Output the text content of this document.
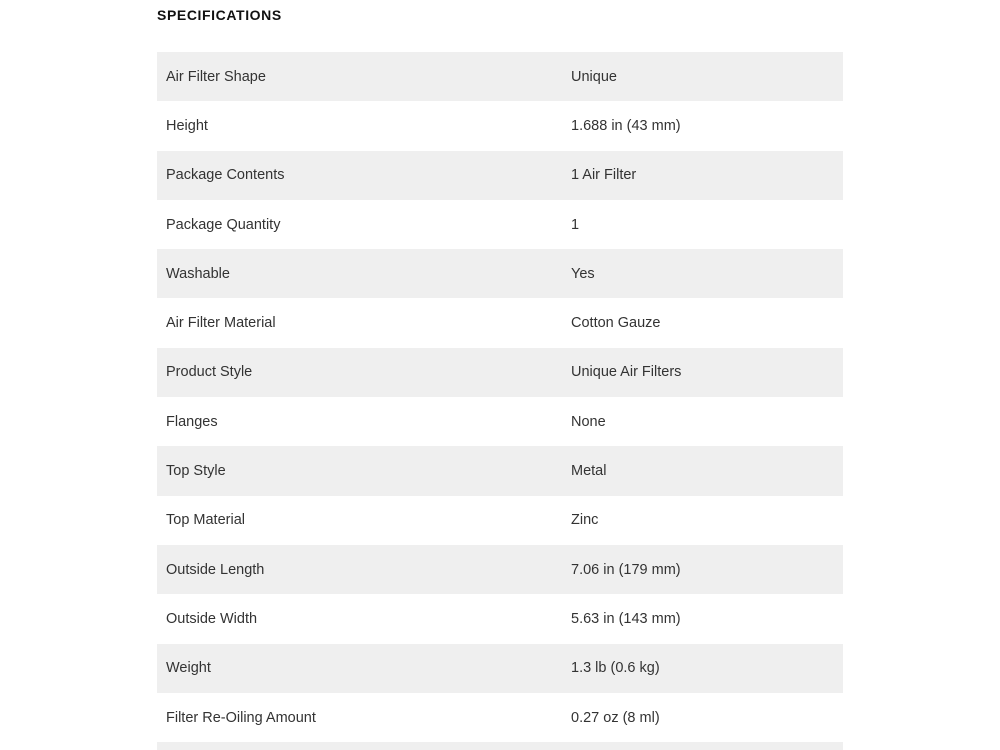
SPECIFICATIONS
Air Filter Shape	Unique
Height	1.688 in (43 mm)
Package Contents	1 Air Filter
Package Quantity	1
Washable	Yes
Air Filter Material	Cotton Gauze
Product Style	Unique Air Filters
Flanges	None
Top Style	Metal
Top Material	Zinc
Outside Length	7.06 in (179 mm)
Outside Width	5.63 in (143 mm)
Weight	1.3 lb (0.6 kg)
Filter Re-Oiling Amount	0.27 oz (8 ml)
